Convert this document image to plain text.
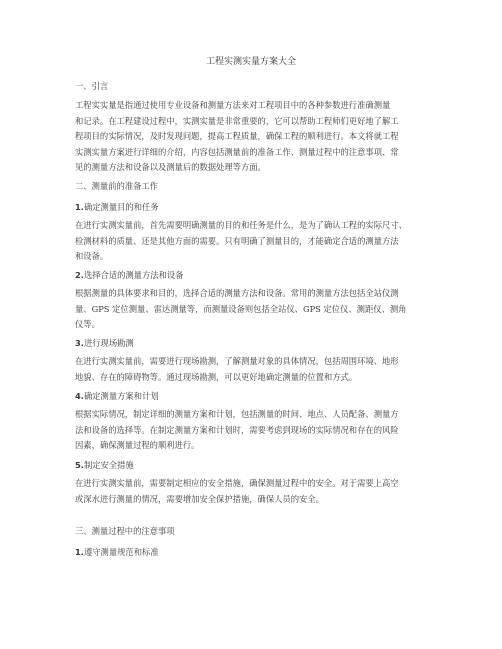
工程实测实量方案大全
一、引言
工程实实量是指通过使用专业设备和测量方法来对工程项目中的各种参数进行准确测量
和记录。在工程建设过程中，实测实量是非常重要的，它可以帮助工程师们更好地了解工
程项目的实际情况，及时发现问题，提高工程质量，确保工程的顺利进行。本文将就工程
实测实量方案进行详细的介绍，内容包括测量前的准备工作、测量过程中的注意事项、常
见的测量方法和设备以及测量后的数据处理等方面。
二、测量前的准备工作
1.确定测量目的和任务
在进行实测实量前，首先需要明确测量的目的和任务是什么，是为了确认工程的实际尺寸、
检测材料的质量、还是其他方面的需要。只有明确了测量目的，才能确定合适的测量方法
和设备。
2.选择合适的测量方法和设备
根据测量的具体要求和目的，选择合适的测量方法和设备。常用的测量方法包括全站仪测
量、GPS 定位测量、雷达测量等，而测量设备则包括全站仪、GPS 定位仪、测距仪、测角
仪等。
3.进行现场勘测
在进行实测实量前，需要进行现场勘测，了解测量对象的具体情况，包括周围环境、地形
地貌、存在的障碍物等。通过现场勘测，可以更好地确定测量的位置和方式。
4.确定测量方案和计划
根据实际情况，制定详细的测量方案和计划，包括测量的时间、地点、人员配备、测量方
法和设备的选择等。在制定测量方案和计划时，需要考虑到现场的实际情况和存在的风险
因素，确保测量过程的顺利进行。
5.制定安全措施
在进行实测实量前，需要制定相应的安全措施，确保测量过程中的安全。对于需要上高空
或深水进行测量的情况，需要增加安全保护措施，确保人员的安全。
三、测量过程中的注意事项
1.遵守测量规范和标准
